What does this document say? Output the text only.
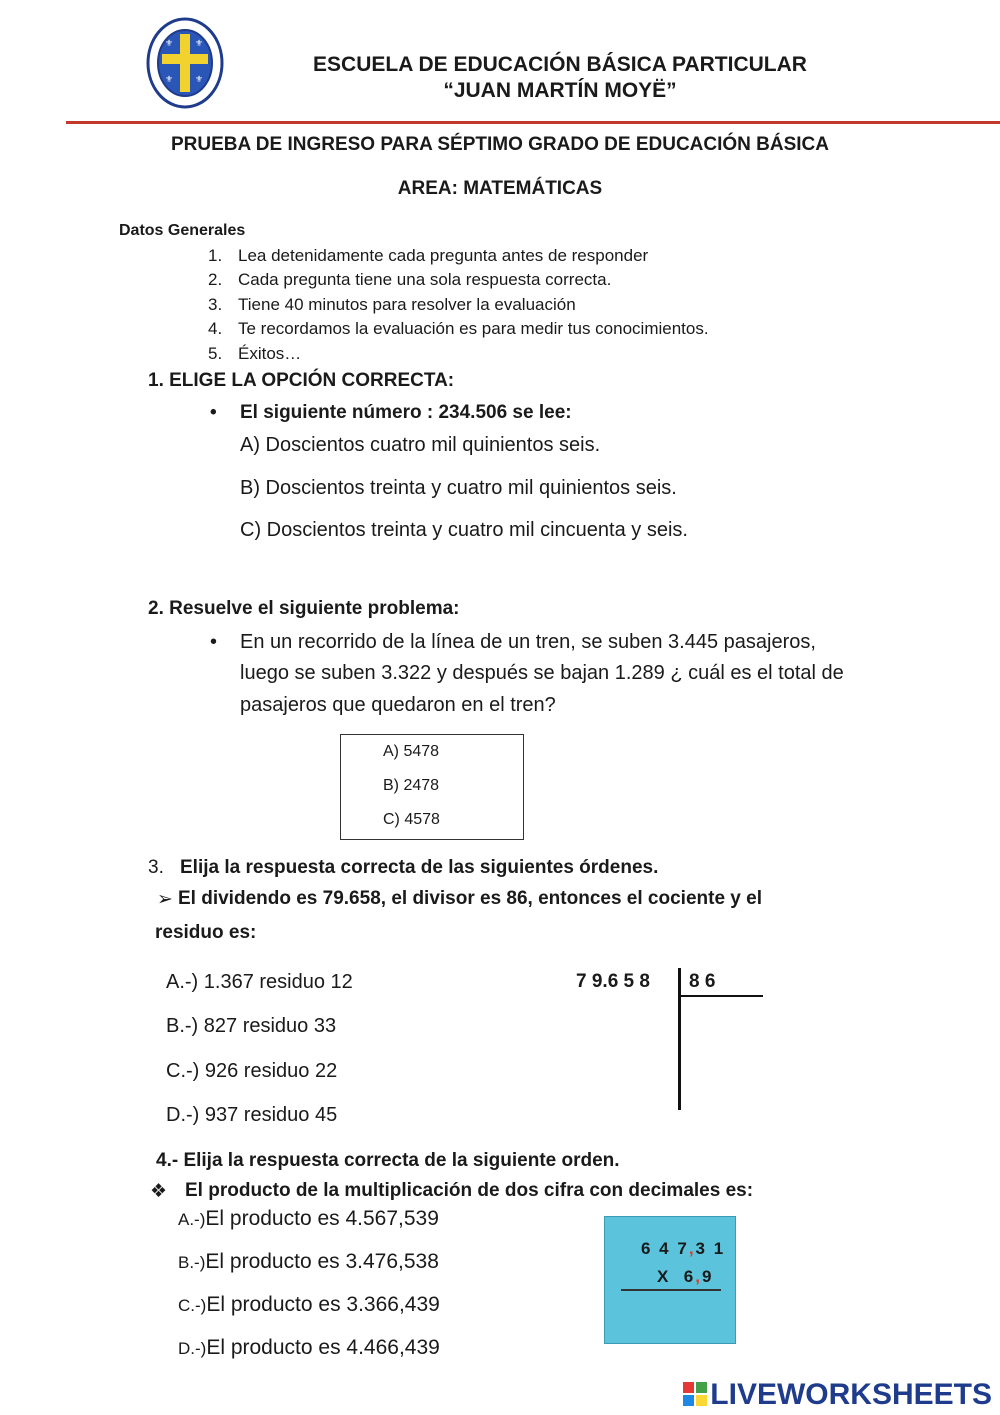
⚜ ⚜
⚜ ⚜
ESCUELA DE EDUCACIÓN BÁSICA PARTICULAR
“JUAN MARTÍN MOYË”
PRUEBA DE INGRESO PARA SÉPTIMO GRADO DE EDUCACIÓN BÁSICA
AREA: MATEMÁTICAS
Datos Generales
1. Lea detenidamente cada pregunta antes de responder
2. Cada pregunta tiene una sola respuesta correcta.
3. Tiene 40 minutos para resolver la evaluación
4. Te recordamos la evaluación es para medir tus conocimientos.
5. Éxitos…
1. ELIGE LA OPCIÓN CORRECTA:
• El siguiente número : 234.506 se lee:
A) Doscientos cuatro mil quinientos seis.
B) Doscientos treinta y cuatro mil quinientos seis.
C) Doscientos treinta y cuatro mil cincuenta y seis.
2. Resuelve el siguiente problema:
• En un recorrido de la línea de un tren, se suben 3.445 pasajeros,
luego se suben 3.322 y después se bajan 1.289 ¿ cuál es el total de
pasajeros que quedaron en el tren?
A) 5478
B) 2478
C) 4578
3. Elija la respuesta correcta de las siguientes órdenes.
➢ El dividendo es 79.658, el divisor es 86, entonces el cociente y el
residuo es:
A.-) 1.367 residuo 12
B.-) 827 residuo 33
C.-) 926 residuo 22
D.-) 937 residuo 45
7 9.6 5 8 8 6
4.- Elija la respuesta correcta de la siguiente orden.
❖ El producto de la multiplicación de dos cifra con decimales es:
A.-)El producto es 4.567,539
B.-)El producto es 3.476,538
C.-)El producto es 3.366,439
D.-)El producto es 4.466,439
6 4 7,3 1
X 6,9
LIVEWORKSHEETS
